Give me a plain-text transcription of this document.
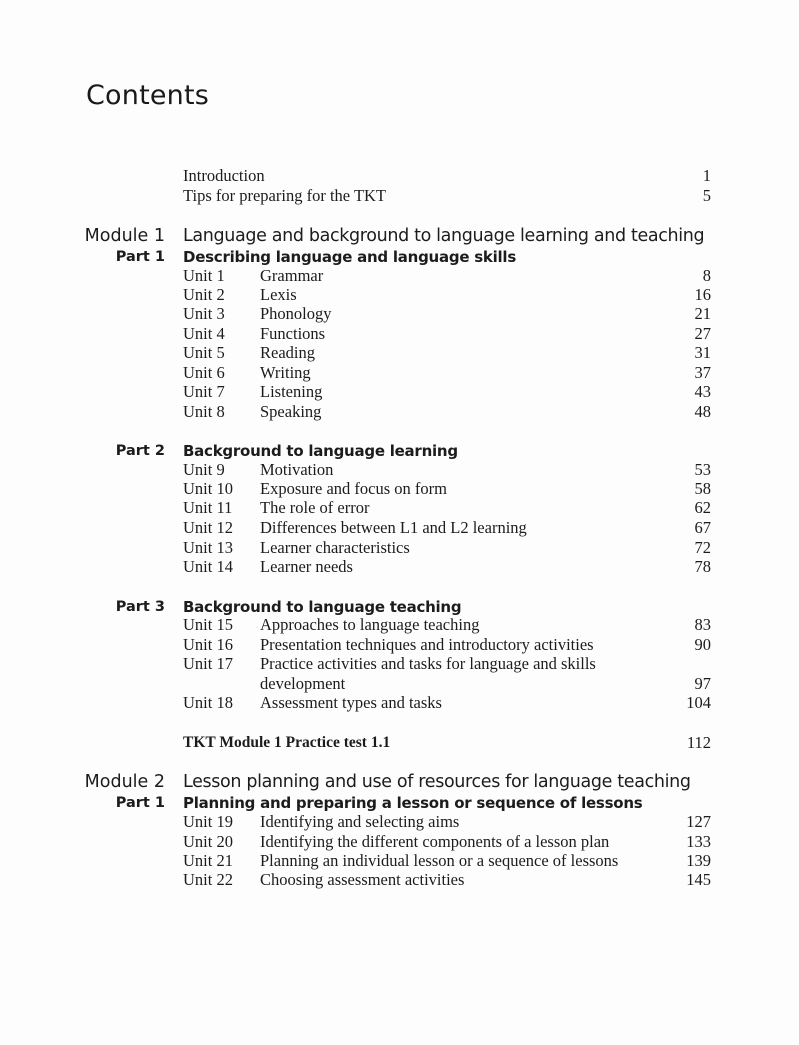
Contents
Introduction	1
Tips for preparing for the TKT	5
Module 1 Language and background to language learning and teaching
Part 1 Describing language and language skills
Unit 1 Grammar	8
Unit 2 Lexis	16
Unit 3 Phonology	21
Unit 4 Functions	27
Unit 5 Reading	31
Unit 6 Writing	37
Unit 7 Listening	43
Unit 8 Speaking	48
Part 2 Background to language learning
Unit 9 Motivation	53
Unit 10 Exposure and focus on form	58
Unit 11 The role of error	62
Unit 12 Differences between L1 and L2 learning	67
Unit 13 Learner characteristics	72
Unit 14 Learner needs	78
Part 3 Background to language teaching
Unit 15 Approaches to language teaching	83
Unit 16 Presentation techniques and introductory activities	90
Unit 17 Practice activities and tasks for language and skills
development	97
Unit 18 Assessment types and tasks	104
TKT Module 1 Practice test 1.1	112
Module 2 Lesson planning and use of resources for language teaching
Part 1 Planning and preparing a lesson or sequence of lessons
Unit 19 Identifying and selecting aims	127
Unit 20 Identifying the different components of a lesson plan	133
Unit 21 Planning an individual lesson or a sequence of lessons	139
Unit 22 Choosing assessment activities	145
